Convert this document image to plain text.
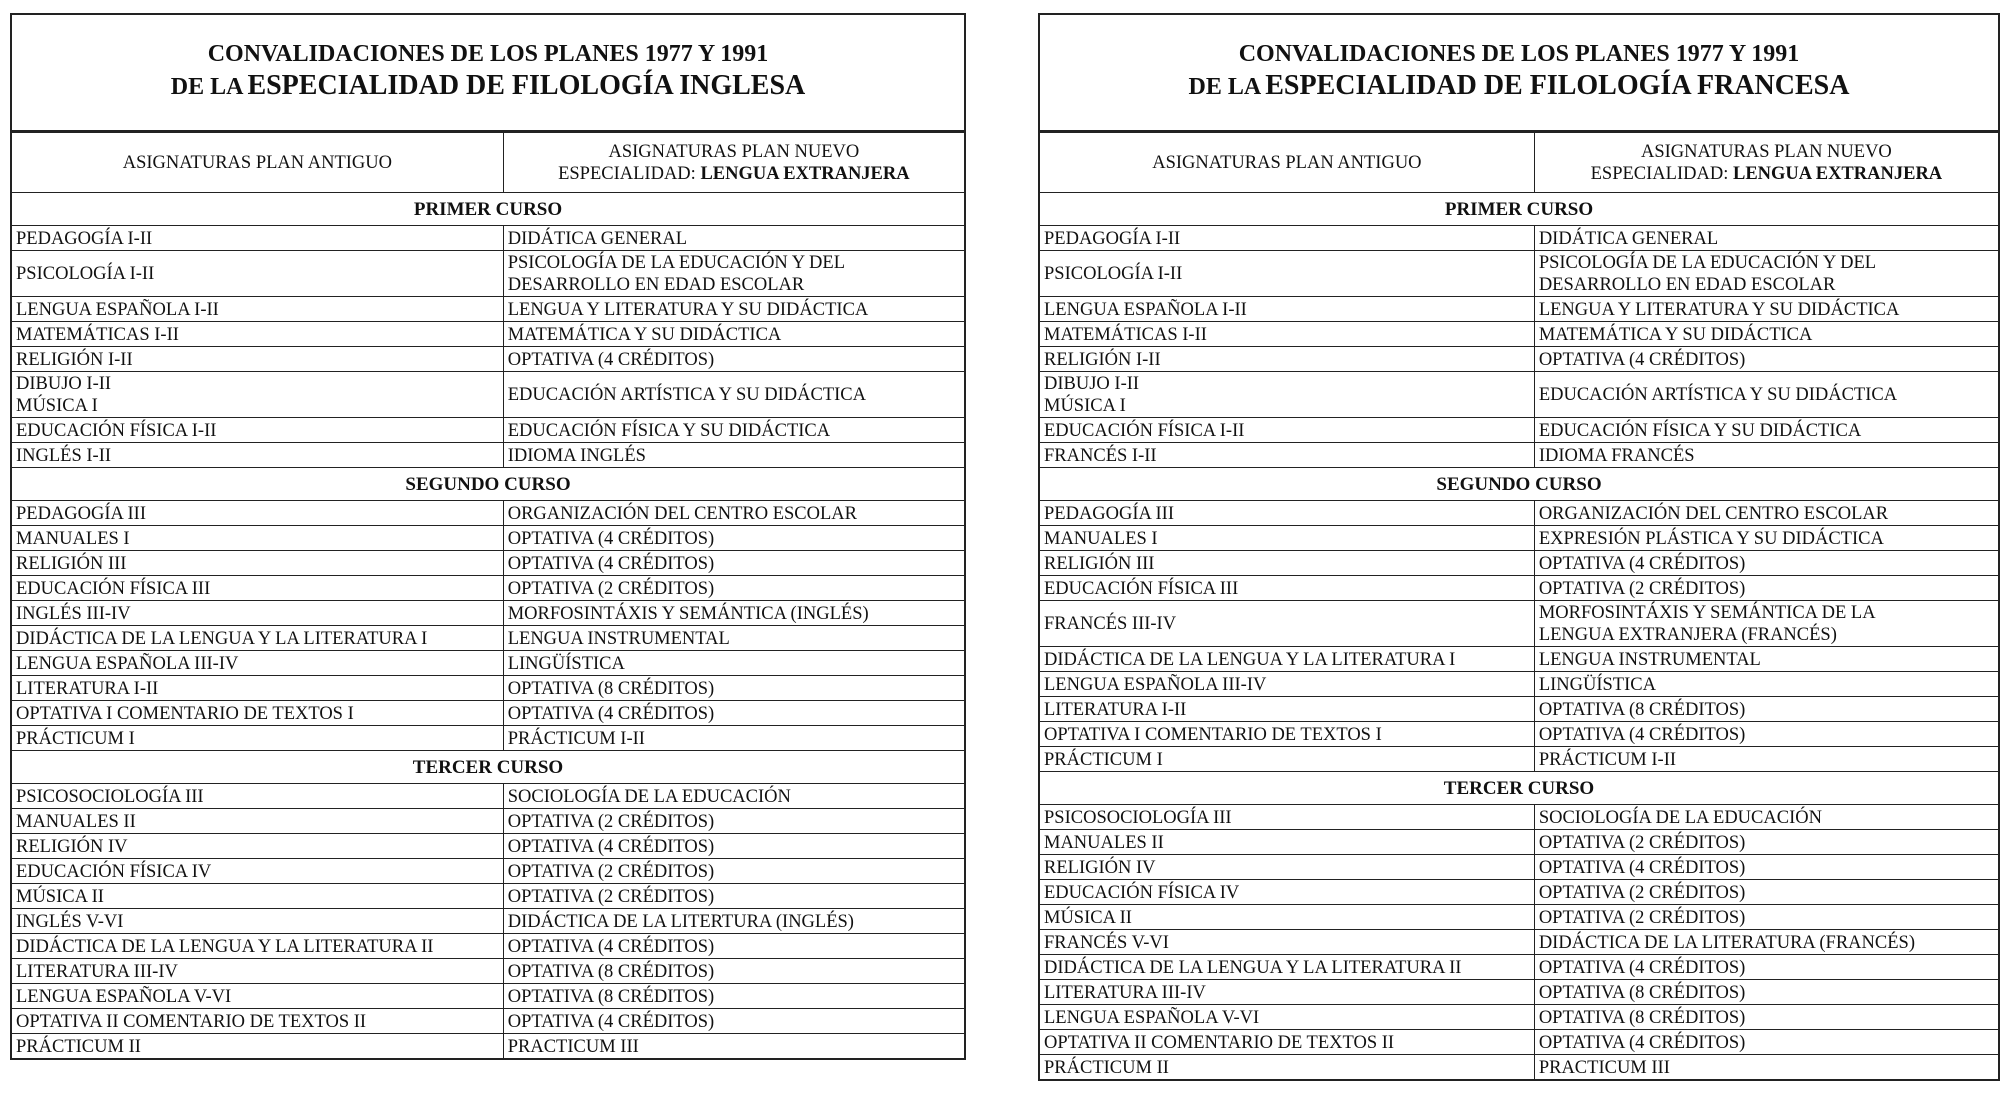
CONVALIDACIONES DE LOS PLANES 1977 Y 1991
DE LA ESPECIALIDAD DE FILOLOGÍA INGLESA
ASIGNATURAS PLAN ANTIGUO	ASIGNATURAS PLAN NUEVO
ESPECIALIDAD: LENGUA EXTRANJERA

PRIMER CURSO	
PEDAGOGÍA I-II	DIDÁTICA GENERAL
PSICOLOGÍA I-II	PSICOLOGÍA DE LA EDUCACIÓN Y DEL
DESARROLLO EN EDAD ESCOLAR
LENGUA ESPAÑOLA I-II	LENGUA Y LITERATURA Y SU DIDÁCTICA
MATEMÁTICAS I-II	MATEMÁTICA Y SU DIDÁCTICA
RELIGIÓN I-II	OPTATIVA (4 CRÉDITOS)
DIBUJO I-II
MÚSICA I	EDUCACIÓN ARTÍSTICA Y SU DIDÁCTICA
EDUCACIÓN FÍSICA I-II	EDUCACIÓN FÍSICA Y SU DIDÁCTICA
INGLÉS I-II	IDIOMA INGLÉS
SEGUNDO CURSO	
PEDAGOGÍA III	ORGANIZACIÓN DEL CENTRO ESCOLAR
MANUALES I	OPTATIVA (4 CRÉDITOS)
RELIGIÓN III	OPTATIVA (4 CRÉDITOS)
EDUCACIÓN FÍSICA III	OPTATIVA (2 CRÉDITOS)
INGLÉS III-IV	MORFOSINTÁXIS Y SEMÁNTICA (INGLÉS)
DIDÁCTICA DE LA LENGUA Y LA LITERATURA I	LENGUA INSTRUMENTAL
LENGUA ESPAÑOLA III-IV	LINGÜÍSTICA
LITERATURA I-II	OPTATIVA (8 CRÉDITOS)
OPTATIVA I COMENTARIO DE TEXTOS I	OPTATIVA (4 CRÉDITOS)
PRÁCTICUM I	PRÁCTICUM I-II
TERCER CURSO	
PSICOSOCIOLOGÍA III	SOCIOLOGÍA DE LA EDUCACIÓN
MANUALES II	OPTATIVA (2 CRÉDITOS)
RELIGIÓN IV	OPTATIVA (4 CRÉDITOS)
EDUCACIÓN FÍSICA IV	OPTATIVA (2 CRÉDITOS)
MÚSICA II	OPTATIVA (2 CRÉDITOS)
INGLÉS V-VI	DIDÁCTICA DE LA LITERTURA (INGLÉS)
DIDÁCTICA DE LA LENGUA Y LA LITERATURA II	OPTATIVA (4 CRÉDITOS)
LITERATURA III-IV	OPTATIVA (8 CRÉDITOS)
LENGUA ESPAÑOLA V-VI	OPTATIVA (8 CRÉDITOS)
OPTATIVA II COMENTARIO DE TEXTOS II	OPTATIVA (4 CRÉDITOS)
PRÁCTICUM II	PRACTICUM III
CONVALIDACIONES DE LOS PLANES 1977 Y 1991
DE LA ESPECIALIDAD DE FILOLOGÍA FRANCESA
ASIGNATURAS PLAN ANTIGUO	ASIGNATURAS PLAN NUEVO
ESPECIALIDAD: LENGUA EXTRANJERA

PRIMER CURSO	
PEDAGOGÍA I-II	DIDÁTICA GENERAL
PSICOLOGÍA I-II	PSICOLOGÍA DE LA EDUCACIÓN Y DEL
DESARROLLO EN EDAD ESCOLAR
LENGUA ESPAÑOLA I-II	LENGUA Y LITERATURA Y SU DIDÁCTICA
MATEMÁTICAS I-II	MATEMÁTICA Y SU DIDÁCTICA
RELIGIÓN I-II	OPTATIVA (4 CRÉDITOS)
DIBUJO I-II
MÚSICA I	EDUCACIÓN ARTÍSTICA Y SU DIDÁCTICA
EDUCACIÓN FÍSICA I-II	EDUCACIÓN FÍSICA Y SU DIDÁCTICA
FRANCÉS I-II	IDIOMA FRANCÉS
SEGUNDO CURSO	
PEDAGOGÍA III	ORGANIZACIÓN DEL CENTRO ESCOLAR
MANUALES I	EXPRESIÓN PLÁSTICA Y SU DIDÁCTICA
RELIGIÓN III	OPTATIVA (4 CRÉDITOS)
EDUCACIÓN FÍSICA III	OPTATIVA (2 CRÉDITOS)
FRANCÉS III-IV	MORFOSINTÁXIS Y SEMÁNTICA DE LA
LENGUA EXTRANJERA (FRANCÉS)
DIDÁCTICA DE LA LENGUA Y LA LITERATURA I	LENGUA INSTRUMENTAL
LENGUA ESPAÑOLA III-IV	LINGÜÍSTICA
LITERATURA I-II	OPTATIVA (8 CRÉDITOS)
OPTATIVA I COMENTARIO DE TEXTOS I	OPTATIVA (4 CRÉDITOS)
PRÁCTICUM I	PRÁCTICUM I-II
TERCER CURSO	
PSICOSOCIOLOGÍA III	SOCIOLOGÍA DE LA EDUCACIÓN
MANUALES II	OPTATIVA (2 CRÉDITOS)
RELIGIÓN IV	OPTATIVA (4 CRÉDITOS)
EDUCACIÓN FÍSICA IV	OPTATIVA (2 CRÉDITOS)
MÚSICA II	OPTATIVA (2 CRÉDITOS)
FRANCÉS V-VI	DIDÁCTICA DE LA LITERATURA (FRANCÉS)
DIDÁCTICA DE LA LENGUA Y LA LITERATURA II	OPTATIVA (4 CRÉDITOS)
LITERATURA III-IV	OPTATIVA (8 CRÉDITOS)
LENGUA ESPAÑOLA V-VI	OPTATIVA (8 CRÉDITOS)
OPTATIVA II COMENTARIO DE TEXTOS II	OPTATIVA (4 CRÉDITOS)
PRÁCTICUM II	PRACTICUM III
